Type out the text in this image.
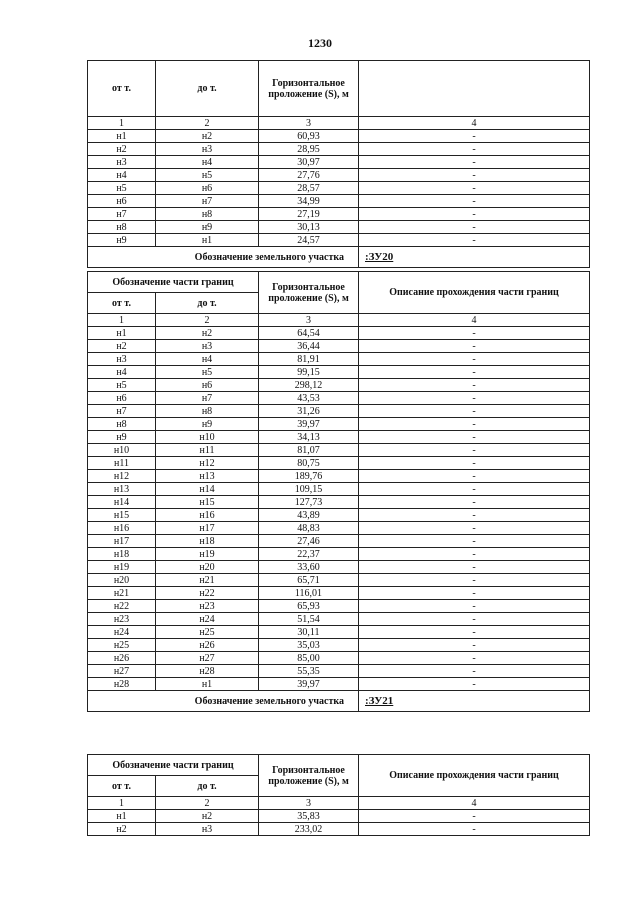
1230
от т.	до т.	Горизонтальное проложение (S), м	
1	2	3	4
н1	н2	60,93	-
н2	н3	28,95	-
н3	н4	30,97	-
н4	н5	27,76	-
н5	н6	28,57	-
н6	н7	34,99	-
н7	н8	27,19	-
н8	н9	30,13	-
н9	н1	24,57	-
Обозначение земельного участка			:ЗУ20
Обозначение части границ		Горизонтальное проложение (S), м	Описание прохождения части границ
от т.	до т.		
1	2	3	4
н1	н2	64,54	-
н2	н3	36,44	-
н3	н4	81,91	-
н4	н5	99,15	-
н5	н6	298,12	-
н6	н7	43,53	-
н7	н8	31,26	-
н8	н9	39,97	-
н9	н10	34,13	-
н10	н11	81,07	-
н11	н12	80,75	-
н12	н13	189,76	-
н13	н14	109,15	-
н14	н15	127,73	-
н15	н16	43,89	-
н16	н17	48,83	-
н17	н18	27,46	-
н18	н19	22,37	-
н19	н20	33,60	-
н20	н21	65,71	-
н21	н22	116,01	-
н22	н23	65,93	-
н23	н24	51,54	-
н24	н25	30,11	-
н25	н26	35,03	-
н26	н27	85,00	-
н27	н28	55,35	-
н28	н1	39,97	-
Обозначение земельного участка			:ЗУ21
Обозначение части границ		Горизонтальное проложение (S), м	Описание прохождения части границ
от т.	до т.		
1	2	3	4
н1	н2	35,83	-
н2	н3	233,02	-
